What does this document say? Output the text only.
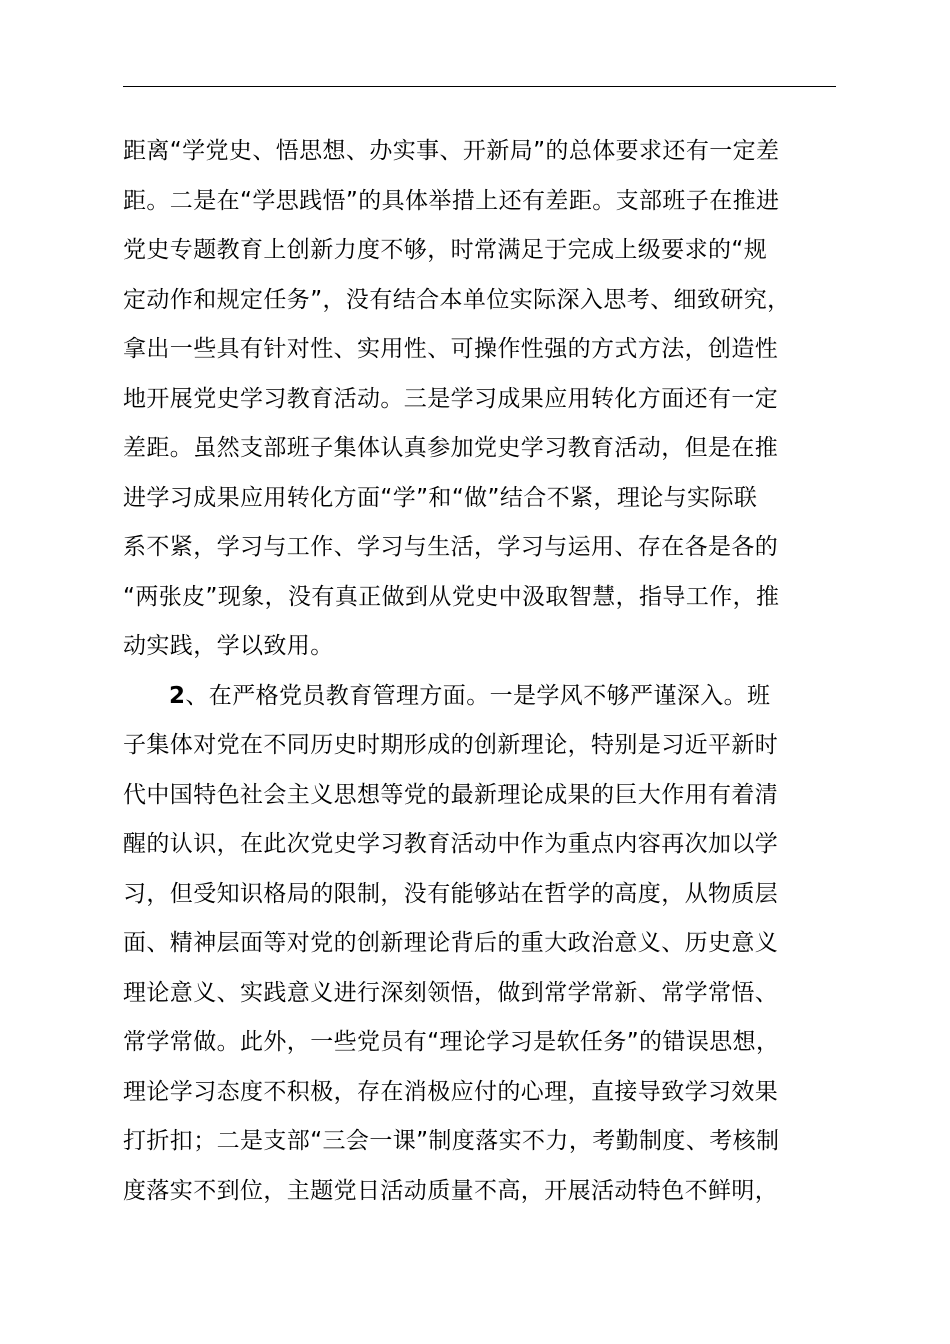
距离“学党史、悟思想、办实事、开新局”的总体要求还有一定差
距。二是在“学思践悟”的具体举措上还有差距。支部班子在推进
党史专题教育上创新力度不够，时常满足于完成上级要求的“规
定动作和规定任务”，没有结合本单位实际深入思考、细致研究，
拿出一些具有针对性、实用性、可操作性强的方式方法，创造性
地开展党史学习教育活动。三是学习成果应用转化方面还有一定
差距。虽然支部班子集体认真参加党史学习教育活动，但是在推
进学习成果应用转化方面“学”和“做”结合不紧，理论与实际联
系不紧，学习与工作、学习与生活，学习与运用、存在各是各的
“两张皮”现象，没有真正做到从党史中汲取智慧，指导工作，推
动实践，学以致用。
2、在严格党员教育管理方面。一是学风不够严谨深入。班
子集体对党在不同历史时期形成的创新理论，特别是习近平新时
代中国特色社会主义思想等党的最新理论成果的巨大作用有着清
醒的认识，在此次党史学习教育活动中作为重点内容再次加以学
习，但受知识格局的限制，没有能够站在哲学的高度，从物质层
面、精神层面等对党的创新理论背后的重大政治意义、历史意义
理论意义、实践意义进行深刻领悟，做到常学常新、常学常悟、
常学常做。此外，一些党员有“理论学习是软任务”的错误思想，
理论学习态度不积极，存在消极应付的心理，直接导致学习效果
打折扣；二是支部“三会一课”制度落实不力，考勤制度、考核制
度落实不到位，主题党日活动质量不高，开展活动特色不鲜明，
